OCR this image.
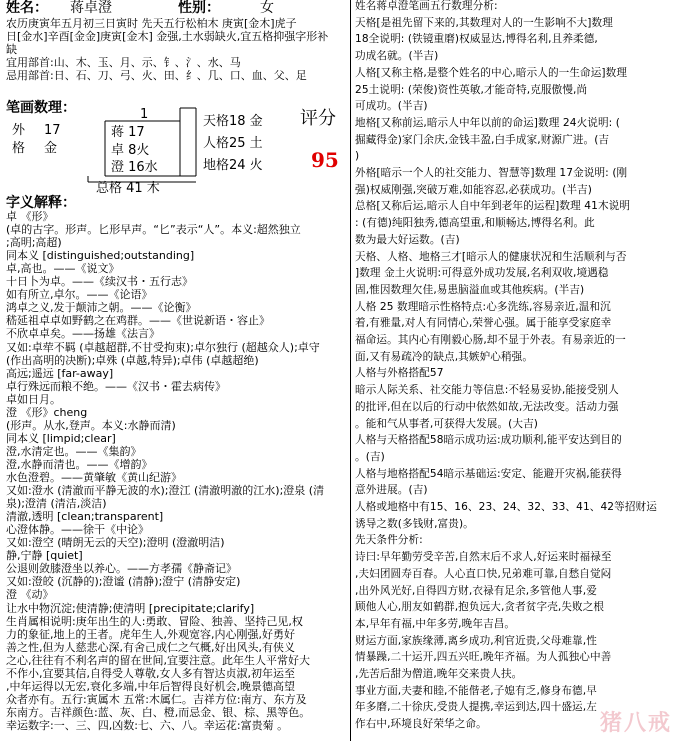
姓名： 蒋卓澄	性别：	女
农历庚寅年五月初三日寅时 先天五行松柏木 庚寅[金木]虎子
日[金水]辛酉[金金]庚寅[金木] 金强,土水弱缺火,宜五格抑强字形补
缺
宜用部首:山、木、玉、月、示、钅、氵、水、马
忌用部首:日、石、刀、弓、火、田、纟、几、口、血、父、足
笔画数理：	1
蒋 17
卓 8火
澄 16水
外 17
格 金
天格18 金
人格25 土
地格24 火
总格 41 木
评分
95
字义解释：
卓 《形》
(卓的古字。形声。匕形早声。“匕”表示“人”。本义:超然独立
;高明;高超)
同本义 [distinguished;outstanding]
卓,高也。——《说文》
十日卜为卓。——《续汉书・五行志》
如有所立,卓尔。——《论语》
鸿卓之义,发于颠沛之朝。——《论衡》
嵇延祖卓卓如野鹤之在鸡群。——《世说新语・容止》
不欣卓卓矣。——扬雄《法言》
又如:卓荦不羁 (卓越超群,不甘受拘束);卓尔独行 (超越众人);卓守
(作出高明的决断);卓殊 (卓越,特异);卓伟 (卓越超绝)
高远;遥远 [far-away]
卓行殊远而粮不绝。——《汉书・霍去病传》
卓如日月。
澄 《形》cheng
(形声。从水,登声。本义:水静而清)
同本义 [limpid;clear]
澄,水清定也。——《集韵》
澄,水静而清也。——《增韵》
水色澄碧。——黄肇敏《黄山纪游》
又如:澄水 (清澈而平静无波的水);澄江 (清澈明澈的江水);澄泉 (清
泉);澄清 (清洁,淡洁)
清澈,透明 [clean;transparent]
心澄体静。——徐干《中论》
又如:澄空 (晴朗无云的天空);澄明 (澄澈明洁)
静,宁静 [quiet]
公退则敛膝澄坐以养心。——方孝孺《静斋记》
又如:澄皎 (沉静的);澄谧 (清静);澄宁 (清静安定)
澄 《动》
让水中物沉淀;使清静;使清明 [precipitate;clarify]
生肖属相说明:庚年出生的人:勇敢、冒险、独善、坚持己见,权
力的象征,地上的王者。虎年生人,外观宽容,内心刚强,好勇好
善之性,但为人慈悲心深,有舍己成仁之气概,好出风头,有侠义
之心,往往有不利名声的留在世间,宜要注意。此年生人平常好大
不作小,宜要其信,自得受人尊敬,女人多有智达贞淑,初年运至
,中年运得以无宏,衰化多端,中年后智得良好机会,晚景德高望
众者亦有。五行:寅属木 五常:木属仁。吉祥方位:南方、东方及
东南方。吉祥颜色:蓝、灰、白、橙,而忌金、银、棕、黑等色。
幸运数字:一、三、四,凶数:七、六、八。幸运花:富贵菊 。
姓名蒋卓澄笔画五行数理分析:
天格[是祖先留下来的,其数理对人的一生影响不大]数理
18全说明: (铁镜重磨)权威显达,博得名利,且养柔德,
功成名就。(半吉)
人格[又称主格,是整个姓名的中心,暗示人的一生命运]数理
25土说明: (荣俊)资性英敏,才能奇特,克服傲慢,尚
可成功。(半吉)
地格[又称前运,暗示人中年以前的命运]数理 24火说明: (
掘藏得金)家门余庆,金钱丰盈,白手成家,财源广进。(吉
)
外格[暗示一个人的社交能力、智慧等]数理 17金说明: (刚
强)权威刚强,突破万难,如能容忍,必获成功。(半吉)
总格[又称后运,暗示人自中年到老年的运程]数理 41木说明
: (有德)纯阳独秀,德高望重,和顺畅达,博得名利。此
数为最大好运数。(吉)
天格、人格、地格三才[暗示人的健康状况和生活顺利与否
]数理 金土火说明:可得意外成功发展,名利双收,境遇稳
固,惟因数理欠佳,易患脑溢血或其他疾病。(半吉)
人格 25 数理暗示性格特点:心多洗练,容易亲近,温和沉
着,有雅量,对人有同情心,荣誉心强。属于能享受家庭幸
福命运。其内心有刚毅心肠,却不显于外表。有易亲近的一
面,又有易疏冷的缺点,其嫉妒心稍强。
人格与外格搭配57
暗示人际关系、社交能力等信息:不轻易妥协,能接受别人
的批评,但在以后的行动中依然如故,无法改变。活动力强
。能和气从事者,可获得大发展。(大吉)
人格与天格搭配58暗示成功运:成功顺利,能平安达到目的
。(吉)
人格与地格搭配54暗示基础运:安定、能避开灾祸,能获得
意外进展。(吉)
人格或地格中有15、16、23、24、32、33、41、42等招财运
诱导之数(多钱财,富贵)。
先天条件分析:
诗曰:早年勤劳受辛苦,自然末后不求人,好运来时福禄至
,夫妇团圆寿百春。人心直口快,兄弟难可靠,自愁自觉闷
,出外风光好,自得四方财,衣禄有足余,多管他人事,爱
顾他人心,朋友如鹤群,抱负远大,贪者贫字壳,失败之根
本,早年有福,中年多劳,晚年吉昌。
财运方面,家族缘薄,离乡成功,利官近贵,父母难靠,性
情暴躁,二十运开,四五兴旺,晚年齐福。为人孤独心中善
,先苦后甜为僧道,晚年交来贵人扶。
事业方面,夫妻和睦,不能偕老,子媳有乏,修身布德,早
年多磨,二十徐庆,受贵人提携,幸运到达,四十盛运,左
作右中,环境良好荣华之命。	猪八戒
